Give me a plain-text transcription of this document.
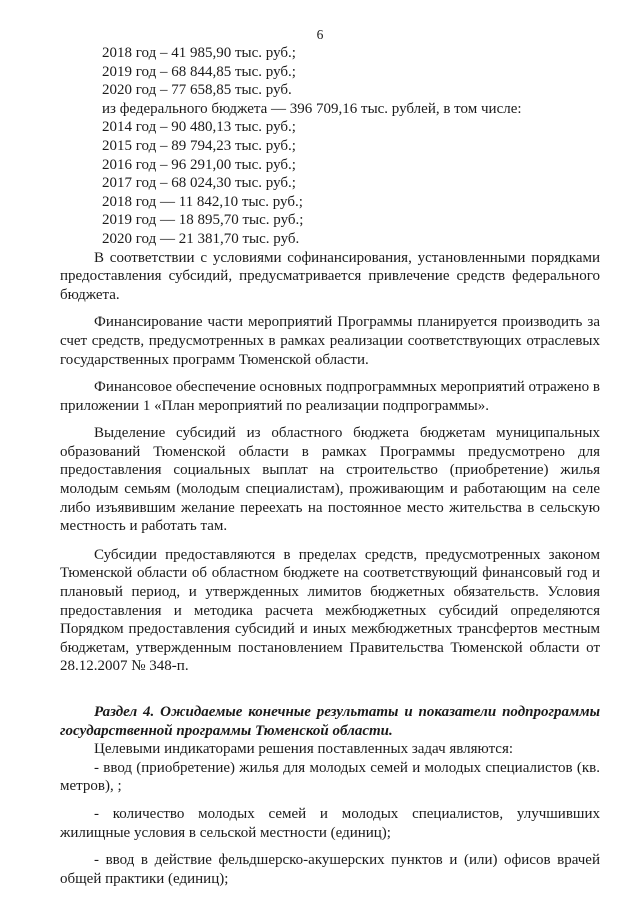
6

2018 год – 41 985,90 тыс. руб.;

2019 год – 68 844,85 тыс. руб.;

2020 год – 77 658,85 тыс. руб.

из федерального бюджета — 396 709,16 тыс. рублей, в том числе:

2014 год – 90 480,13 тыс. руб.;

2015 год – 89 794,23 тыс. руб.;

2016 год – 96 291,00 тыс. руб.;

2017 год – 68 024,30 тыс. руб.;

2018 год — 11 842,10 тыс. руб.;

2019 год — 18 895,70 тыс. руб.;

2020 год — 21 381,70 тыс. руб.

В соответствии с условиями софинансирования, установленными порядками предоставления субсидий, предусматривается привлечение средств федерального бюджета.

Финансирование части мероприятий Программы планируется производить за счет средств, предусмотренных в рамках реализации соответствующих отраслевых государственных программ Тюменской области.

Финансовое обеспечение основных подпрограммных мероприятий отражено в приложении 1 «План мероприятий по реализации подпрограммы».

Выделение субсидий из областного бюджета бюджетам муниципальных образований Тюменской области в рамках Программы предусмотрено для предоставления социальных выплат на строительство (приобретение) жилья молодым семьям (молодым специалистам), проживающим и работающим на селе либо изъявившим желание переехать на постоянное место жительства в сельскую местность и работать там.

Субсидии предоставляются в пределах средств, предусмотренных законом Тюменской области об областном бюджете на соответствующий финансовый год и плановый период, и утвержденных лимитов бюджетных обязательств. Условия предоставления и методика расчета межбюджетных субсидий определяются Порядком предоставления субсидий и иных межбюджетных трансфертов местным бюджетам, утвержденным постановлением Правительства Тюменской области от 28.12.2007 № 348-п.

Раздел 4. Ожидаемые конечные результаты и показатели подпрограммы государственной программы Тюменской области.

Целевыми индикаторами решения поставленных задач являются:

- ввод (приобретение) жилья для молодых семей и молодых специалистов (кв. метров), ;

- количество молодых семей и молодых специалистов, улучшивших жилищные условия в сельской местности (единиц);

- ввод в действие фельдшерско-акушерских пунктов и (или) офисов врачей общей практики (единиц);
